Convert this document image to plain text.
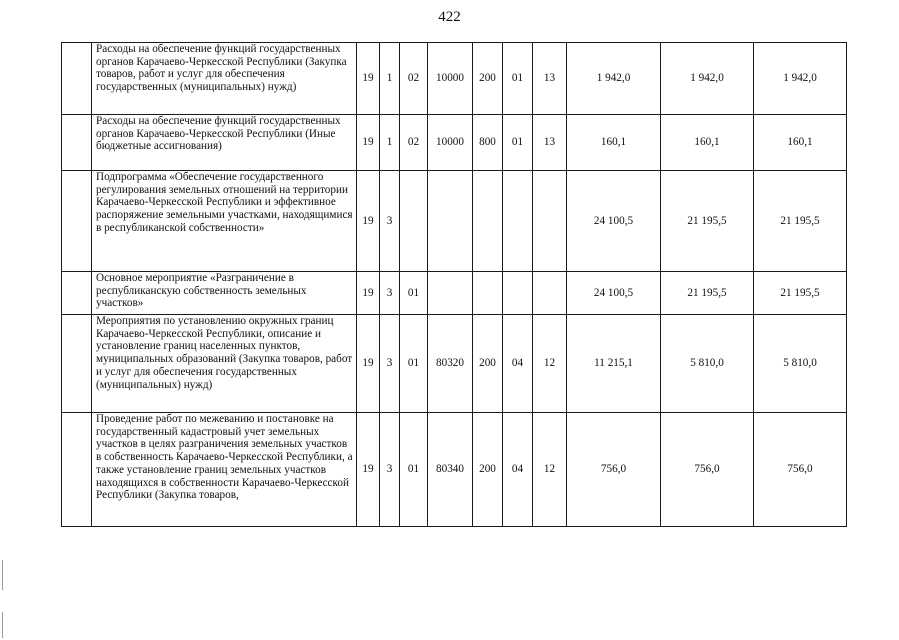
422
	Расходы на обеспечение функций государственных органов Карачаево-Черкесской Республики (Закупка товаров, работ и услуг для обеспечения государственных (муниципальных) нужд)	19	1	02	10000	200	01	13	1 942,0	1 942,0	1 942,0
	Расходы на обеспечение функций государственных органов Карачаево-Черкесской Республики (Иные бюджетные ассигнования)	19	1	02	10000	800	01	13	160,1	160,1	160,1
	Подпрограмма «Обеспечение государственного регулирования земельных отношений на территории Карачаево-Черкесской Республики и эффективное распоряжение земельными участками, находящимися в республиканской собственности»	19	3						24 100,5	21 195,5	21 195,5
	Основное мероприятие «Разграничение в республиканскую собственность земельных участков»	19	3	01					24 100,5	21 195,5	21 195,5
	Мероприятия по установлению окружных границ Карачаево-Черкесской Республики, описание и установление границ населенных пунктов, муниципальных образований (Закупка товаров, работ и услуг для обеспечения государственных (муниципальных) нужд)	19	3	01	80320	200	04	12	11 215,1	5 810,0	5 810,0
	Проведение работ по межеванию и постановке на государственный кадастровый учет земельных участков в целях разграничения земельных участков в собственность Карачаево-Черкесской Республики, а также установление границ земельных участков находящихся в собственности Карачаево-Черкесской Республики (Закупка товаров,	19	3	01	80340	200	04	12	756,0	756,0	756,0
